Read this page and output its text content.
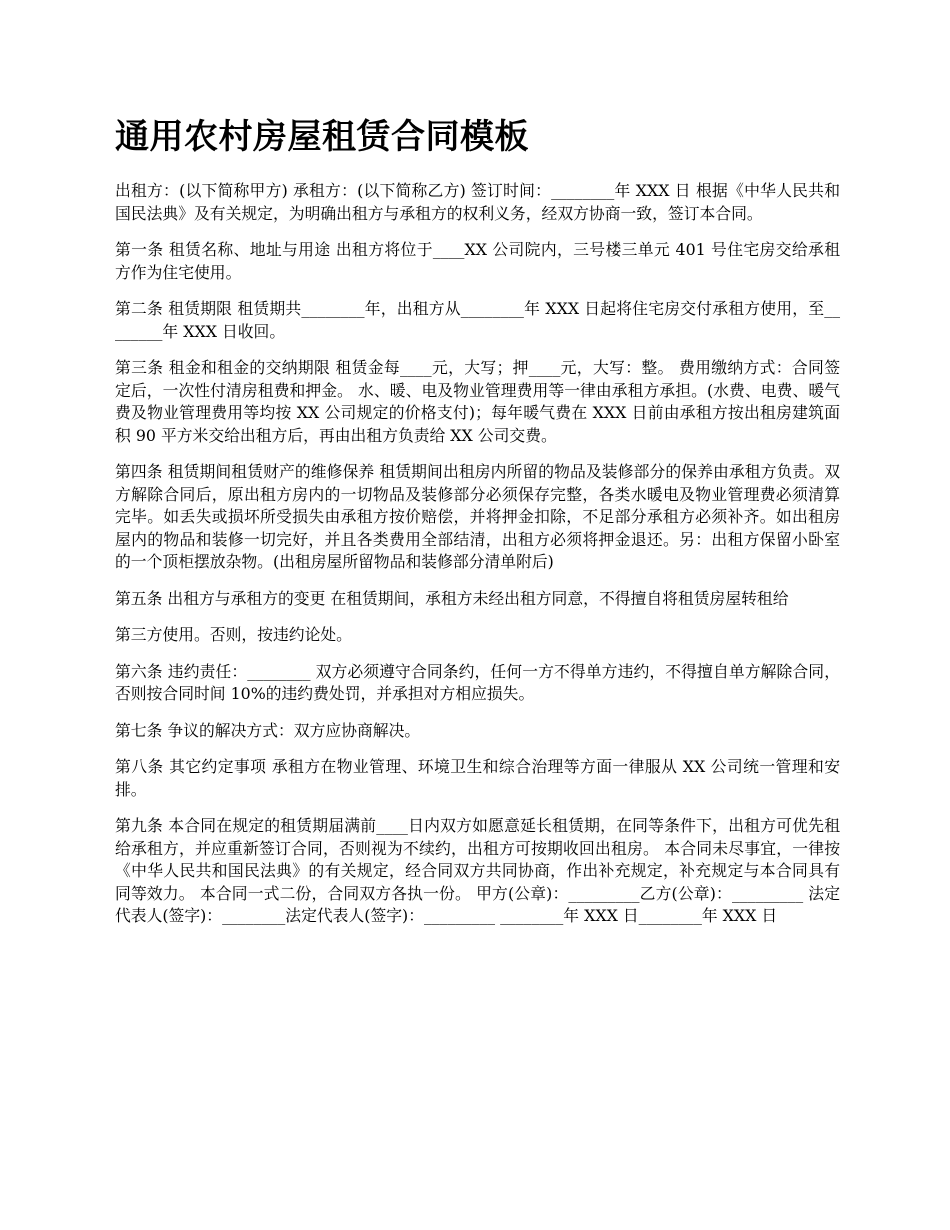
通用农村房屋租赁合同模板

出租方：(以下简称甲方) 承租方：(以下简称乙方) 签订时间：________年 XXX 日 根据《中华人民共和国民法典》及有关规定，为明确出租方与承租方的权利义务，经双方协商一致，签订本合同。

第一条 租赁名称、地址与用途 出租方将位于____XX 公司院内，三号楼三单元 401 号住宅房交给承租方作为住宅使用。

第二条 租赁期限 租赁期共________年，出租方从________年 XXX 日起将住宅房交付承租方使用，至________年 XXX 日收回。

第三条 租金和租金的交纳期限 租赁金每____元，大写；押____元，大写：整。 费用缴纳方式：合同签定后，一次性付清房租费和押金。 水、暖、电及物业管理费用等一律由承租方承担。(水费、电费、暖气费及物业管理费用等均按 XX 公司规定的价格支付)；每年暖气费在 XXX 日前由承租方按出租房建筑面积 90 平方米交给出租方后，再由出租方负责给 XX 公司交费。

第四条 租赁期间租赁财产的维修保养 租赁期间出租房内所留的物品及装修部分的保养由承租方负责。双方解除合同后，原出租方房内的一切物品及装修部分必须保存完整，各类水暖电及物业管理费必须清算完毕。如丢失或损坏所受损失由承租方按价赔偿，并将押金扣除，不足部分承租方必须补齐。如出租房屋内的物品和装修一切完好，并且各类费用全部结清，出租方必须将押金退还。另：出租方保留小卧室的一个顶柜摆放杂物。(出租房屋所留物品和装修部分清单附后)

第五条 出租方与承租方的变更 在租赁期间，承租方未经出租方同意，不得擅自将租赁房屋转租给

第三方使用。否则，按违约论处。

第六条 违约责任：________ 双方必须遵守合同条约，任何一方不得单方违约，不得擅自单方解除合同，否则按合同时间 10%的违约费处罚，并承担对方相应损失。

第七条 争议的解决方式：双方应协商解决。

第八条 其它约定事项 承租方在物业管理、环境卫生和综合治理等方面一律服从 XX 公司统一管理和安排。

第九条 本合同在规定的租赁期届满前____日内双方如愿意延长租赁期，在同等条件下，出租方可优先租给承租方，并应重新签订合同，否则视为不续约，出租方可按期收回出租房。 本合同未尽事宜，一律按《中华人民共和国民法典》的有关规定，经合同双方共同协商，作出补充规定，补充规定与本合同具有同等效力。 本合同一式二份，合同双方各执一份。 甲方(公章)：_________乙方(公章)：_________ 法定代表人(签字)：________法定代表人(签字)：_________ ________年 XXX 日________年 XXX 日
